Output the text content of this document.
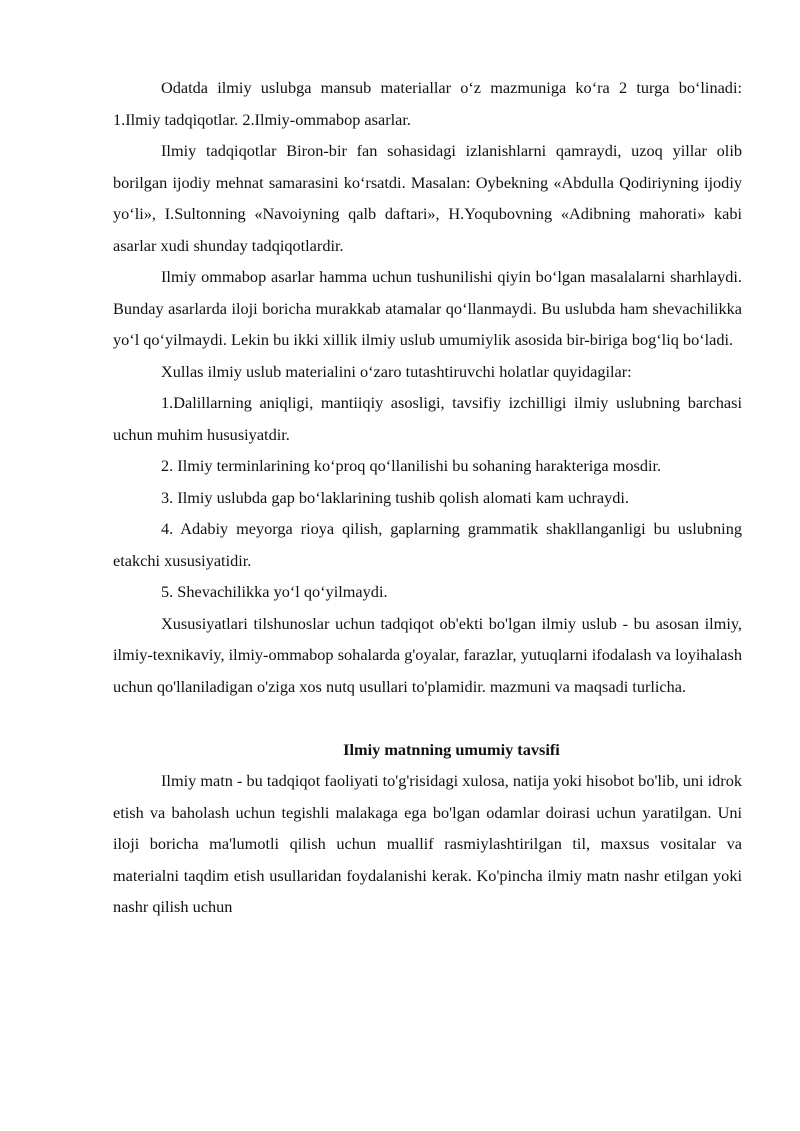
Odatda ilmiy uslubga mansub materiallar o‘z mazmuniga ko‘ra 2 turga bo‘linadi: 1.Ilmiy tadqiqotlar. 2.Ilmiy-ommabop asarlar.

Ilmiy tadqiqotlar Biron-bir fan sohasidagi izlanishlarni qamraydi, uzoq yillar olib borilgan ijodiy mehnat samarasini ko‘rsatdi. Masalan: Oybekning «Abdulla Qodiriyning ijodiy yo‘li», I.Sultonning «Navoiyning qalb daftari», H.Yoqubovning «Adibning mahorati» kabi asarlar xudi shunday tadqiqotlardir.

Ilmiy ommabop asarlar hamma uchun tushunilishi qiyin bo‘lgan masalalarni sharhlaydi. Bunday asarlarda iloji boricha murakkab atamalar qo‘llanmaydi. Bu uslubda ham shevachilikka yo‘l qo‘yilmaydi. Lekin bu ikki xillik ilmiy uslub umumiylik asosida bir-biriga bog‘liq bo‘ladi.

Xullas ilmiy uslub materialini o‘zaro tutashtiruvchi holatlar quyidagilar:

1.Dalillarning aniqligi, mantiiqiy asosligi, tavsifiy izchilligi ilmiy uslubning barchasi uchun muhim hususiyatdir.

2. Ilmiy terminlarining ko‘proq qo‘llanilishi bu sohaning harakteriga mosdir.

3. Ilmiy uslubda gap bo‘laklarining tushib qolish alomati kam uchraydi.

4. Adabiy meyorga rioya qilish, gaplarning grammatik shakllanganligi bu uslubning etakchi xususiyatidir.

5. Shevachilikka yo‘l qo‘yilmaydi.

Xususiyatlari tilshunoslar uchun tadqiqot ob'ekti bo'lgan ilmiy uslub - bu asosan ilmiy, ilmiy-texnikaviy, ilmiy-ommabop sohalarda g'oyalar, farazlar, yutuqlarni ifodalash va loyihalash uchun qo'llaniladigan o'ziga xos nutq usullari to'plamidir. mazmuni va maqsadi turlicha.

Ilmiy matnning umumiy tavsifi

Ilmiy matn - bu tadqiqot faoliyati to'g'risidagi xulosa, natija yoki hisobot bo'lib, uni idrok etish va baholash uchun tegishli malakaga ega bo'lgan odamlar doirasi uchun yaratilgan. Uni iloji boricha ma'lumotli qilish uchun muallif rasmiylashtirilgan til, maxsus vositalar va materialni taqdim etish usullaridan foydalanishi kerak. Ko'pincha ilmiy matn nashr etilgan yoki nashr qilish uchun
